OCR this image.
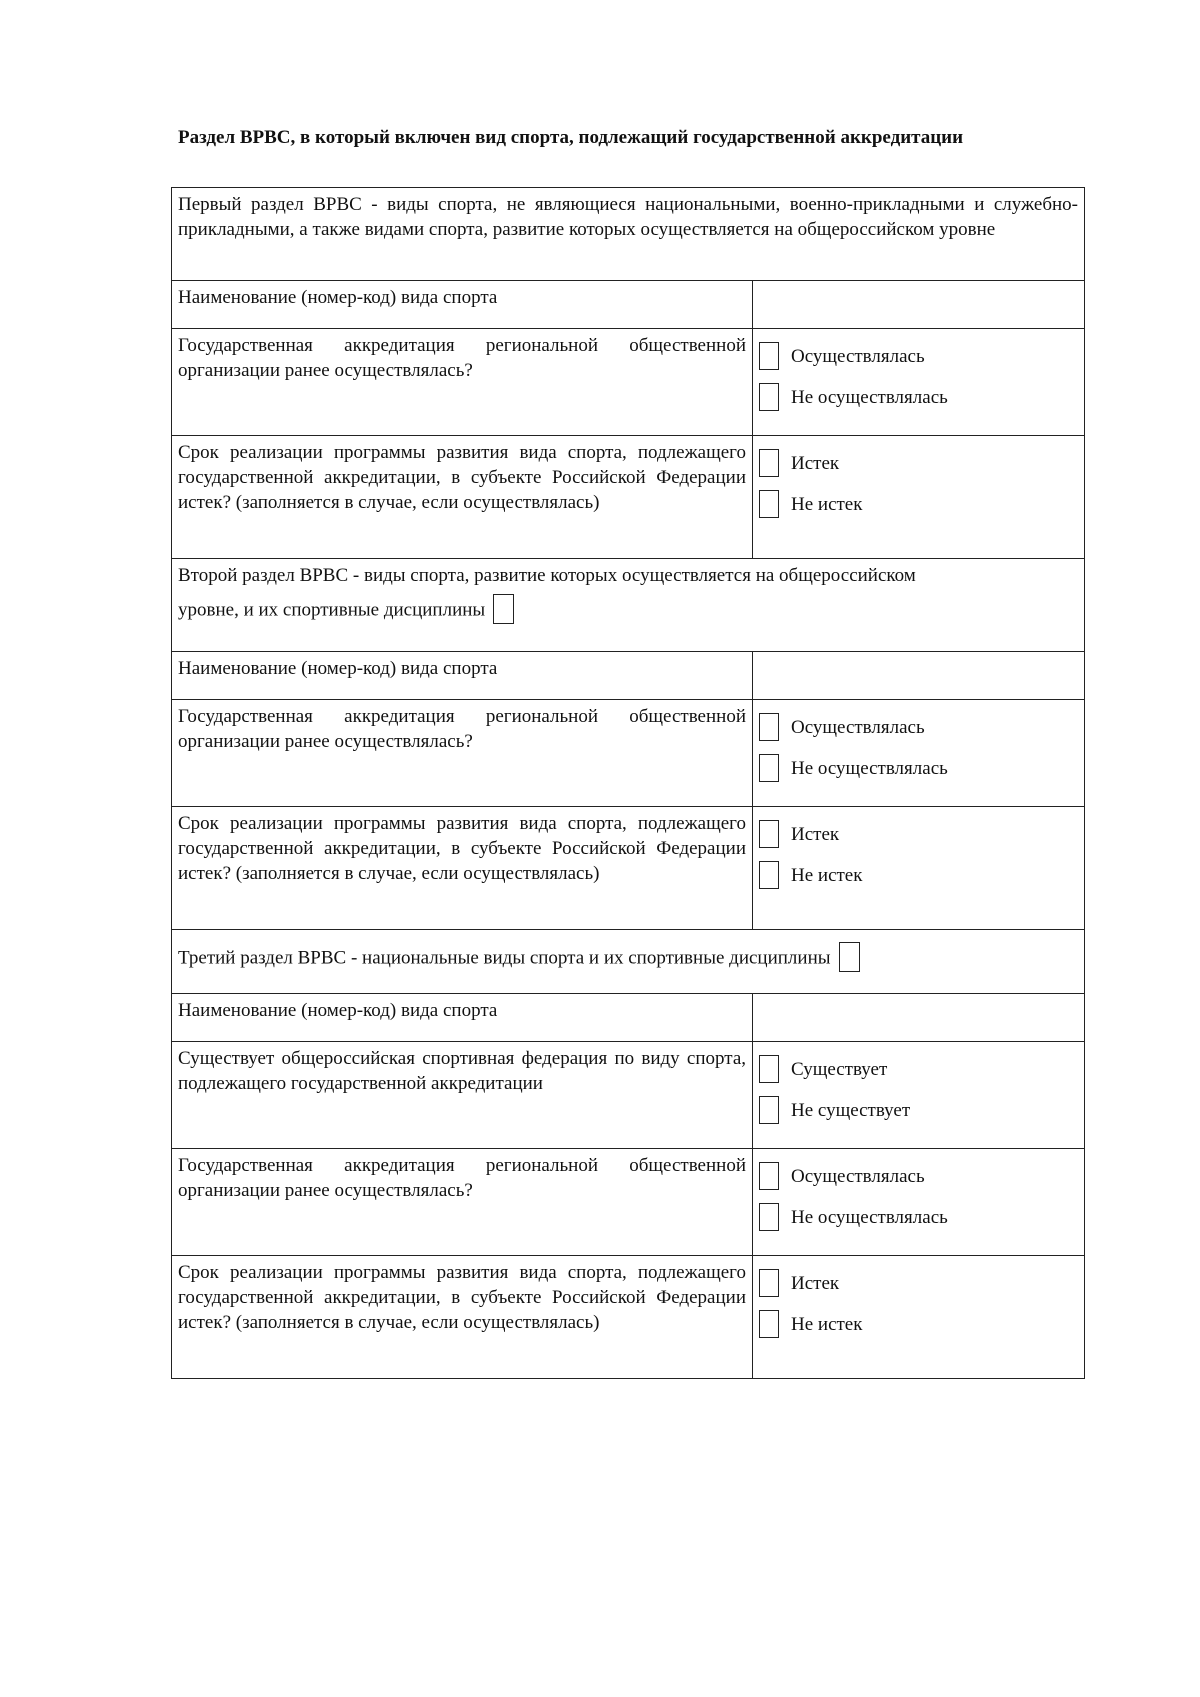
Раздел ВРВС, в который включен вид спорта, подлежащий государственной аккредитации
Первый раздел ВРВС - виды спорта, не являющиеся национальными, военно-прикладными и служебно-прикладными, а также видами спорта, развитие которых осуществляется на общероссийском уровне	
Наименование (номер-код) вида спорта	
Государственная аккредитация региональной общественной организации ранее осуществлялась?	Осуществлялась
Не осуществлялась

Срок реализации программы развития вида спорта, подлежащего государственной аккредитации, в субъекте Российской Федерации истек? (заполняется в случае, если осуществлялась)	Истек
Не истек

Второй раздел ВРВС - виды спорта, развитие которых осуществляется на общероссийском
уровне, и их спортивные дисциплины	
Наименование (номер-код) вида спорта	
Государственная аккредитация региональной общественной организации ранее осуществлялась?	Осуществлялась
Не осуществлялась

Срок реализации программы развития вида спорта, подлежащего государственной аккредитации, в субъекте Российской Федерации истек? (заполняется в случае, если осуществлялась)	Истек
Не истек

Третий раздел ВРВС - национальные виды спорта и их спортивные дисциплины	
Наименование (номер-код) вида спорта	
Существует общероссийская спортивная федерация по виду спорта, подлежащего государственной аккредитации	Существует
Не существует

Государственная аккредитация региональной общественной организации ранее осуществлялась?	Осуществлялась
Не осуществлялась

Срок реализации программы развития вида спорта, подлежащего государственной аккредитации, в субъекте Российской Федерации истек? (заполняется в случае, если осуществлялась)	Истек
Не истек
